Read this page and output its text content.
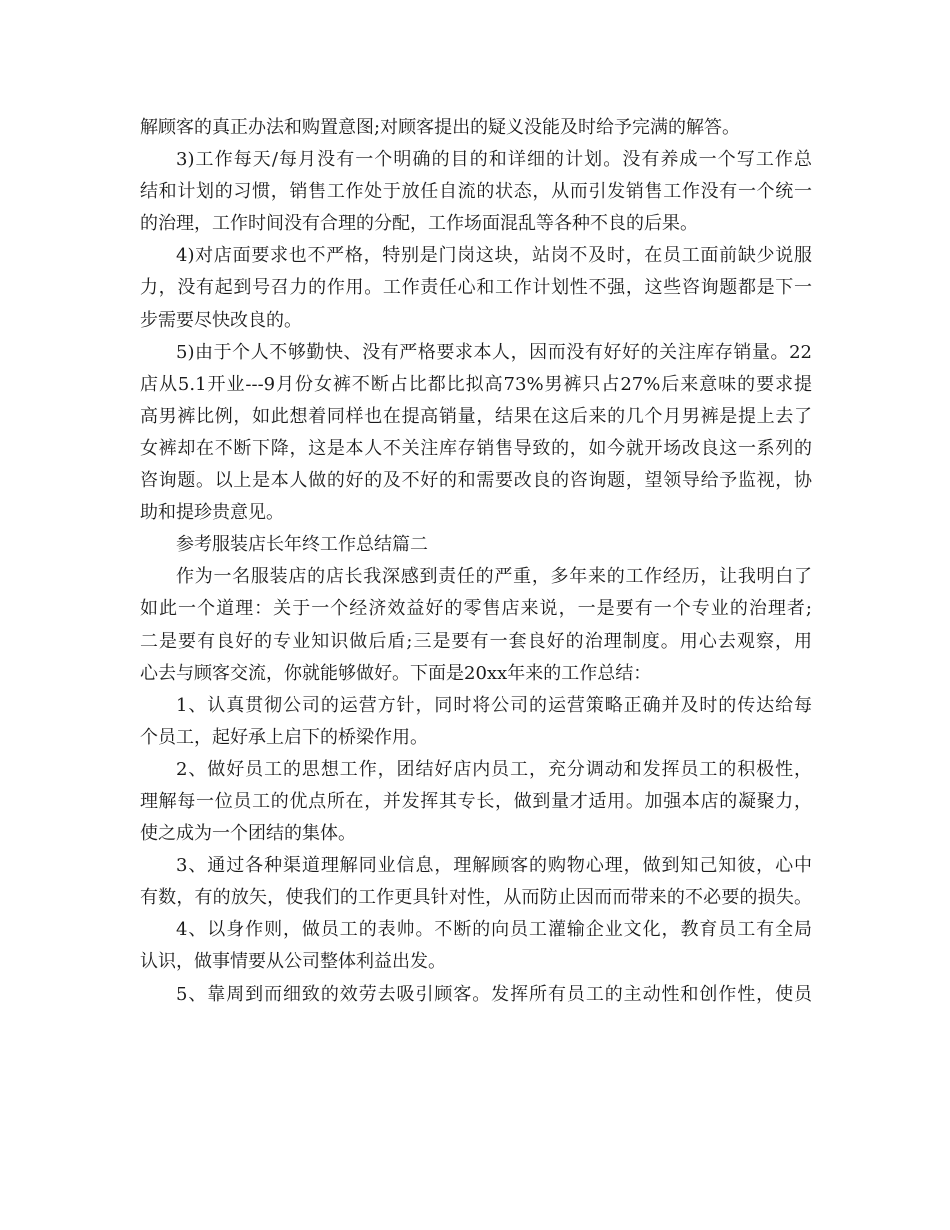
解顾客的真正办法和购置意图;对顾客提出的疑义没能及时给予完满的解答。
3)工作每天/每月没有一个明确的目的和详细的计划。没有养成一个写工作总
结和计划的习惯，销售工作处于放任自流的状态，从而引发销售工作没有一个统一
的治理，工作时间没有合理的分配，工作场面混乱等各种不良的后果。
4)对店面要求也不严格，特别是门岗这块，站岗不及时，在员工面前缺少说服
力，没有起到号召力的作用。工作责任心和工作计划性不强，这些咨询题都是下一
步需要尽快改良的。
5)由于个人不够勤快、没有严格要求本人，因而没有好好的关注库存销量。22
店从5.1开业---9月份女裤不断占比都比拟高73%男裤只占27%后来意味的要求提
高男裤比例，如此想着同样也在提高销量，结果在这后来的几个月男裤是提上去了
女裤却在不断下降，这是本人不关注库存销售导致的，如今就开场改良这一系列的
咨询题。以上是本人做的好的及不好的和需要改良的咨询题，望领导给予监视，协
助和提珍贵意见。
参考服装店长年终工作总结篇二
作为一名服装店的店长我深感到责任的严重，多年来的工作经历，让我明白了
如此一个道理：关于一个经济效益好的零售店来说，一是要有一个专业的治理者;
二是要有良好的专业知识做后盾;三是要有一套良好的治理制度。用心去观察，用
心去与顾客交流，你就能够做好。下面是20xx年来的工作总结：
1、认真贯彻公司的运营方针，同时将公司的运营策略正确并及时的传达给每
个员工，起好承上启下的桥梁作用。
2、做好员工的思想工作，团结好店内员工，充分调动和发挥员工的积极性，
理解每一位员工的优点所在，并发挥其专长，做到量才适用。加强本店的凝聚力，
使之成为一个团结的集体。
3、通过各种渠道理解同业信息，理解顾客的购物心理，做到知己知彼，心中
有数，有的放矢，使我们的工作更具针对性，从而防止因而而带来的不必要的损失。
4、以身作则，做员工的表帅。不断的向员工灌输企业文化，教育员工有全局
认识，做事情要从公司整体利益出发。
5、靠周到而细致的效劳去吸引顾客。发挥所有员工的主动性和创作性，使员
